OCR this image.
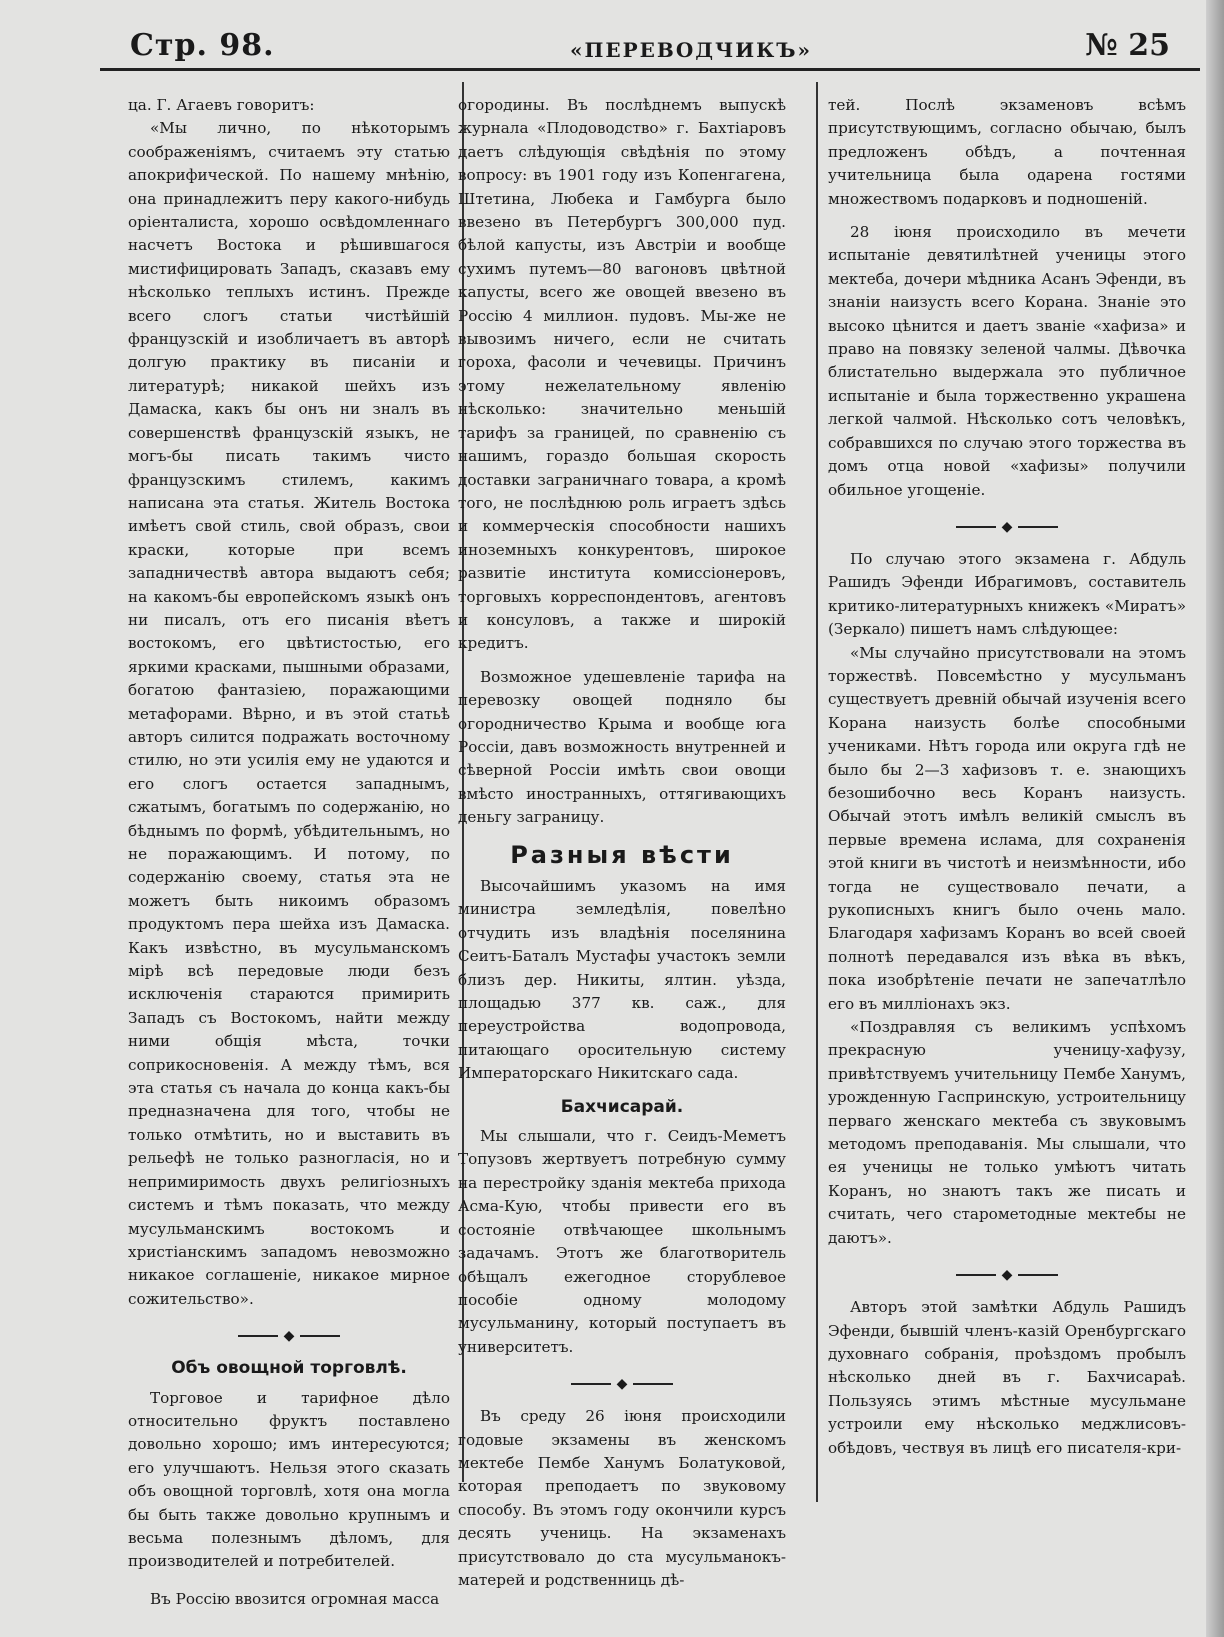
Стр. 98.	«ПЕРЕВОДЧИКЪ»	№ 25

ца. Г. Агаевъ говоритъ:

«Мы лично, по нѣкоторымъ соображеніямъ, считаемъ эту статью апокрифической. По нашему мнѣнію, она принадлежитъ перу какого-нибудь оріенталиста, хорошо освѣдомленнаго насчетъ Востока и рѣшившагося мистифицировать Западъ, сказавъ ему нѣсколько теплыхъ истинъ. Прежде всего слогъ статьи чистѣйшій французскій и изобличаетъ въ авторѣ долгую практику въ писаніи и литературѣ; никакой шейхъ изъ Дамаска, какъ бы онъ ни зналъ въ совершенствѣ французскій языкъ, не могъ-бы писать такимъ чисто французскимъ стилемъ, какимъ написана эта статья. Житель Востока имѣетъ свой стиль, свой образъ, свои краски, которые при всемъ западничествѣ автора выдаютъ себя; на какомъ-бы европейскомъ языкѣ онъ ни писалъ, отъ его писанія вѣетъ востокомъ, его цвѣтистостью, его яркими красками, пышными образами, богатою фантазіею, поражающими метафорами. Вѣрно, и въ этой статьѣ авторъ силится подражать восточному стилю, но эти усилія ему не удаются и его слогъ остается западнымъ, сжатымъ, богатымъ по содержанію, но бѣднымъ по формѣ, убѣдительнымъ, но не поражающимъ. И потому, по содержанію своему, статья эта не можетъ быть никоимъ образомъ продуктомъ пера шейха изъ Дамаска. Какъ извѣстно, въ мусульманскомъ мірѣ всѣ передовые люди безъ исключенія стараются примирить Западъ съ Востокомъ, найти между ними общія мѣста, точки соприкосновенія. А между тѣмъ, вся эта статья съ начала до конца какъ-бы предназначена для того, чтобы не только отмѣтить, но и выставить въ рельефѣ не только разногласія, но и непримиримость двухъ религіозныхъ системъ и тѣмъ показать, что между мусульманскимъ востокомъ и христіанскимъ западомъ невозможно никакое соглашеніе, никакое мирное сожительство».

◆
Объ овощной торговлѣ.

Торговое и тарифное дѣло относительно фруктъ поставлено довольно хорошо; имъ интересуются; его улучшаютъ. Нельзя этого сказать объ овощной торговлѣ, хотя она могла бы быть также довольно крупнымъ и весьма полезнымъ дѣломъ, для производителей и потребителей.

Въ Россію ввозится огромная масса

огородины. Въ послѣднемъ выпускѣ журнала «Плодоводство» г. Бахтіаровъ даетъ слѣдующія свѣдѣнія по этому вопросу: въ 1901 году изъ Копенгагена, Штетина, Любека и Гамбурга было ввезено въ Петербургъ 300,000 пуд. бѣлой капусты, изъ Австріи и вообще сухимъ путемъ—80 вагоновъ цвѣтной капусты, всего же овощей ввезено въ Россію 4 миллион. пудовъ. Мы-же не вывозимъ ничего, если не считать гороха, фасоли и чечевицы. Причинъ этому нежелательному явленію нѣсколько: значительно меньшій тарифъ за границей, по сравненію съ нашимъ, гораздо большая скорость доставки заграничнаго товара, а кромѣ того, не послѣднюю роль играетъ здѣсь и коммерческія способности нашихъ иноземныхъ конкурентовъ, широкое развитіе института комиссіонеровъ, торговыхъ корреспондентовъ, агентовъ и консуловъ, а также и широкій кредитъ.

Возможное удешевленіе тарифа на перевозку овощей подняло бы огородничество Крыма и вообще юга Россіи, давъ возможность внутренней и сѣверной Россіи имѣть свои овощи вмѣсто иностранныхъ, оттягивающихъ деньгу заграницу.

Разныя вѣсти

Высочайшимъ указомъ на имя министра земледѣлія, повелѣно отчудить изъ владѣнія поселянина Сеитъ-Баталъ Мустафы участокъ земли близъ дер. Никиты, ялтин. уѣзда, площадью 377 кв. саж., для переустройства водопровода, питающаго оросительную систему Императорскаго Никитскаго сада.

Бахчисарай.

Мы слышали, что г. Сеидъ-Меметъ Топузовъ жертвуетъ потребную сумму на перестройку зданія мектеба прихода Асма-Кую, чтобы привести его въ состояніе отвѣчающее школьнымъ задачамъ. Этотъ же благотворитель обѣщалъ ежегодное сторублевое пособіе одному молодому мусульманину, который поступаетъ въ университетъ.

◆

Въ среду 26 іюня происходили годовые экзамены въ женскомъ мектебе Пембе Ханумъ Болатуковой, которая преподаетъ по звуковому способу. Въ этомъ году окончили курсъ десять учениць. На экзаменахъ присутствовало до ста мусульманокъ-матерей и родственниць дѣ-

тей. Послѣ экзаменовъ всѣмъ присутствующимъ, согласно обычаю, былъ предложенъ обѣдъ, а почтенная учительница была одарена гостями множествомъ подарковъ и подношеній.

28 іюня происходило въ мечети испытаніе девятилѣтней ученицы этого мектеба, дочери мѣдника Асанъ Эфенди, въ знаніи наизусть всего Корана. Знаніе это высоко цѣнится и даетъ званіе «хафиза» и право на повязку зеленой чалмы. Дѣвочка блистательно выдержала это публичное испытаніе и была торжественно украшена легкой чалмой. Нѣсколько сотъ человѣкъ, собравшихся по случаю этого торжества въ домъ отца новой «хафизы» получили обильное угощеніе.

◆

По случаю этого экзамена г. Абдуль Рашидъ Эфенди Ибрагимовъ, составитель критико-литературныхъ книжекъ «Миратъ» (Зеркало) пишетъ намъ слѣдующее:

«Мы случайно присутствовали на этомъ торжествѣ. Повсемѣстно у мусульманъ существуетъ древній обычай изученія всего Корана наизусть болѣе способными учениками. Нѣтъ города или округа гдѣ не было бы 2—3 хафизовъ т. е. знающихъ безошибочно весь Коранъ наизусть. Обычай этотъ имѣлъ великій смыслъ въ первые времена ислама, для сохраненія этой книги въ чистотѣ и неизмѣнности, ибо тогда не существовало печати, а рукописныхъ книгъ было очень мало. Благодаря хафизамъ Коранъ во всей своей полнотѣ передавался изъ вѣка въ вѣкъ, пока изобрѣтеніе печати не запечатлѣло его въ милліонахъ экз.

«Поздравляя съ великимъ успѣхомъ прекрасную ученицу-хафузу, привѣтствуемъ учительницу Пембе Ханумъ, урожденную Гаспринскую, устроительницу перваго женскаго мектеба съ звуковымъ методомъ преподаванія. Мы слышали, что ея ученицы не только умѣютъ читать Коранъ, но знаютъ такъ же писать и считать, чего старометодные мектебы не даютъ».

◆

Авторъ этой замѣтки Абдуль Рашидъ Эфенди, бывшій членъ-казій Оренбургскаго духовнаго собранія, проѣздомъ пробылъ нѣсколько дней въ г. Бахчисараѣ. Пользуясь этимъ мѣстные мусульмане устроили ему нѣсколько меджлисовъ-обѣдовъ, чествуя въ лицѣ его писателя-кри-
